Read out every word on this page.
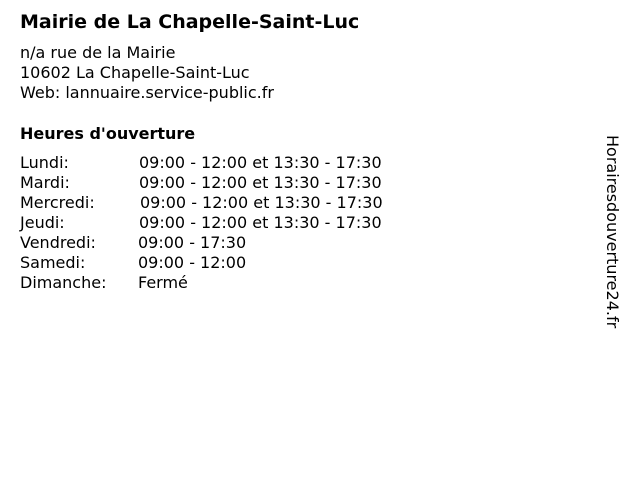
Mairie de La Chapelle-Saint-Luc
n/a rue de la Mairie
10602 La Chapelle-Saint-Luc
Web: lannuaire.service-public.fr
Heures d'ouverture
Lundi:	09:00 - 12:00 et 13:30 - 17:30
Mardi:	09:00 - 12:00 et 13:30 - 17:30
Mercredi:	09:00 - 12:00 et 13:30 - 17:30
Jeudi:	09:00 - 12:00 et 13:30 - 17:30
Vendredi:	09:00 - 17:30
Samedi:	09:00 - 12:00
Dimanche: Fermé	Horairesdouverture24.fr
